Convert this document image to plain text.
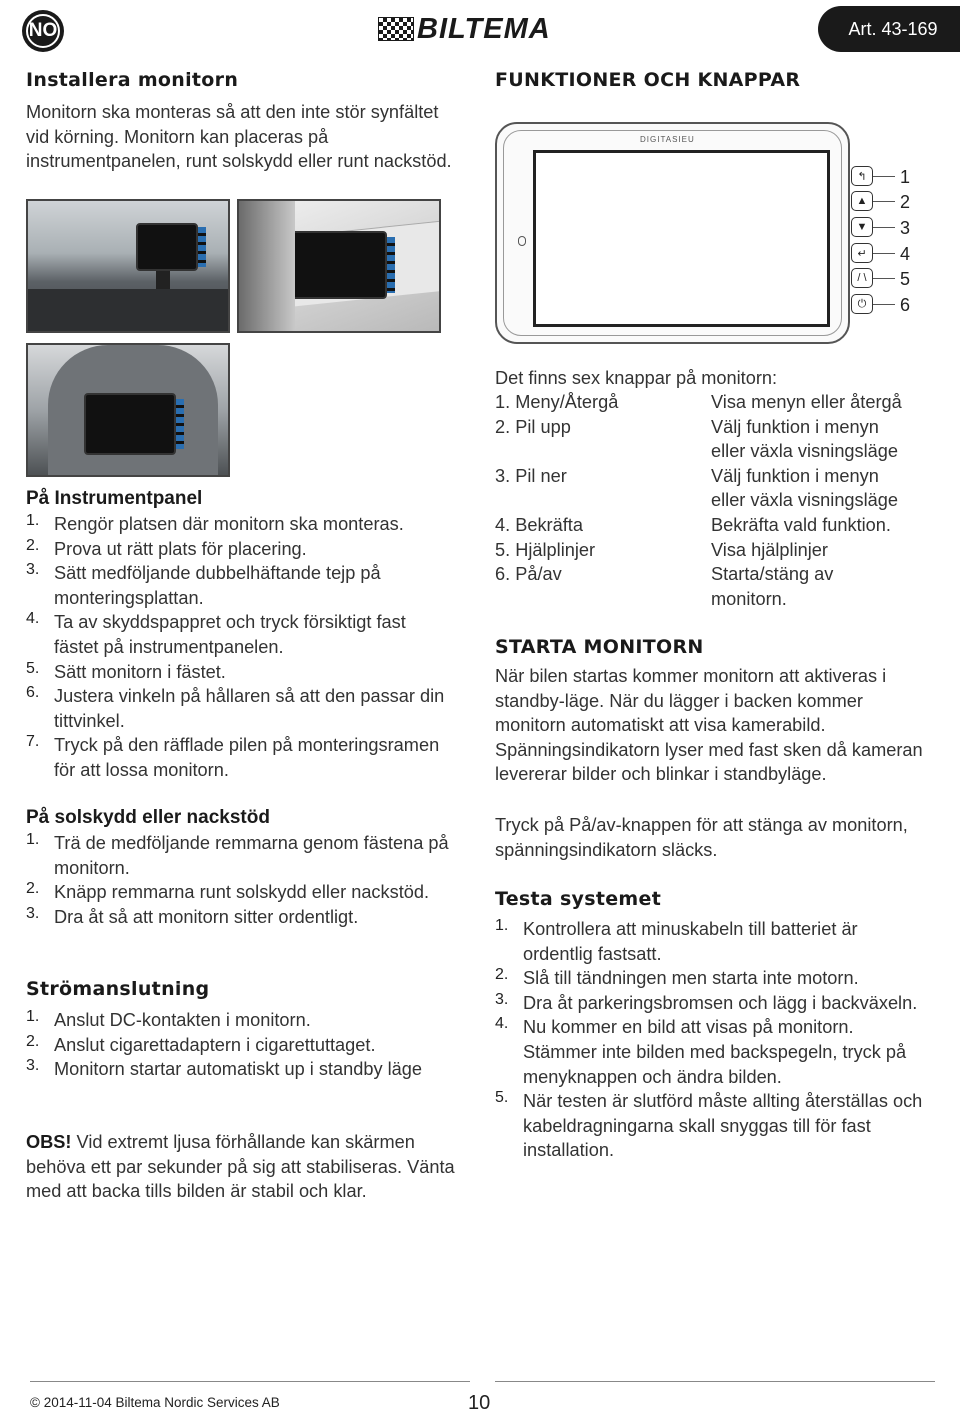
NO	BILTEMA	Art. 43-169
Installera monitorn

Monitorn ska monteras så att den inte stör synfältet vid körning. Monitorn kan placeras på instrumentpanelen, runt solskydd eller runt nackstöd.

På Instrumentpanel
1. Rengör platsen där monitorn ska monteras.

2. Prova ut rätt plats för placering.

3. Sätt medföljande dubbelhäftande tejp på monteringsplattan.

4. Ta av skyddspappret och tryck försiktigt fast fästet på instrumentpanelen.

5. Sätt monitorn i fästet.

6. Justera vinkeln på hållaren så att den passar din tittvinkel.

7. Tryck på den räfflade pilen på monteringsramen för att lossa monitorn.

På solskydd eller nackstöd
1. Trä de medföljande remmarna genom fästena på monitorn.

2. Knäpp remmarna runt solskydd eller nackstöd.

3. Dra åt så att monitorn sitter ordentligt.

Strömanslutning
1. Anslut DC-kontakten i monitorn.

2. Anslut cigarettadaptern i cigarettuttaget.

3. Monitorn startar automatiskt up i standby läge

OBS! Vid extremt ljusa förhållande kan skärmen behöva ett par sekunder på sig att stabiliseras. Vänta med att backa tills bilden är stabil och klar.

FUNKTIONER OCH KNAPPAR
DIGITASIEU
↰
▲
▼
↵
/ \
⏻
1
2
3
4
5
6

Det finns sex knappar på monitorn:

1. Meny/Återgå	Visa menyn eller återgå
2. Pil upp	Välj funktion i menyn
eller växla visningsläge
3. Pil ner	Välj funktion i menyn
eller växla visningsläge
4. Bekräfta	Bekräfta vald funktion.
5. Hjälplinjer	Visa hjälplinjer
6. På/av	Starta/stäng av
monitorn.
STARTA MONITORN

När bilen startas kommer monitorn att aktiveras i standby-läge. När du lägger i backen kommer monitorn automatiskt att visa kamerabild. Spänningsindikatorn lyser med fast sken då kameran levererar bilder och blinkar i standbyläge.

Tryck på På/av-knappen för att stänga av monitorn, spänningsindikatorn släcks.

Testa systemet
1. Kontrollera att minuskabeln till batteriet är ordentlig fastsatt.

2. Slå till tändningen men starta inte motorn.

3. Dra åt parkeringsbromsen och lägg i backväxeln.

4. Nu kommer en bild att visas på monitorn. Stämmer inte bilden med backspegeln, tryck på menyknappen och ändra bilden.

5. När testen är slutförd måste allting återställas och kabeldragningarna skall snyggas till för fast installation.

© 2014-11-04 Biltema Nordic Services AB	10
